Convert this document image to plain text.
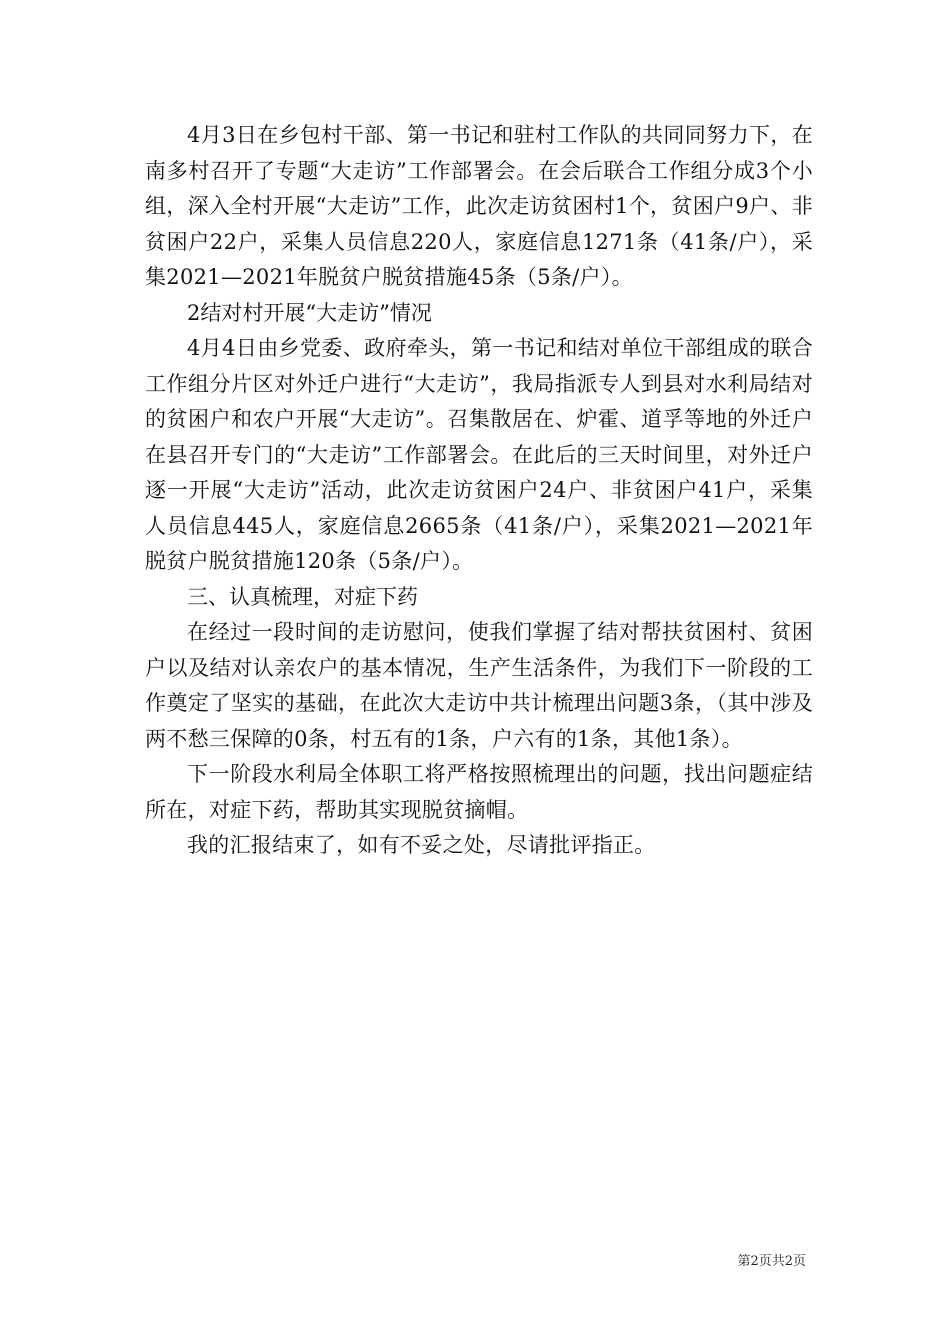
4月3日在乡包村干部、第一书记和驻村工作队的共同同努力下，在南多村召开了专题“大走访”工作部署会。在会后联合工作组分成3个小组，深入全村开展“大走访”工作，此次走访贫困村1个，贫困户9户、非贫困户22户，采集人员信息220人，家庭信息1271条（41条/户），采集2021—2021年脱贫户脱贫措施45条（5条/户）。

2结对村开展“大走访”情况

4月4日由乡党委、政府牵头，第一书记和结对单位干部组成的联合工作组分片区对外迁户进行“大走访”，我局指派专人到县对水利局结对的贫困户和农户开展“大走访”。召集散居在、炉霍、道孚等地的外迁户在县召开专门的“大走访”工作部署会。在此后的三天时间里，对外迁户逐一开展“大走访”活动，此次走访贫困户24户、非贫困户41户，采集人员信息445人，家庭信息2665条（41条/户），采集2021—2021年脱贫户脱贫措施120条（5条/户）。

三、认真梳理，对症下药

在经过一段时间的走访慰问，使我们掌握了结对帮扶贫困村、贫困户以及结对认亲农户的基本情况，生产生活条件，为我们下一阶段的工作奠定了坚实的基础，在此次大走访中共计梳理出问题3条，（其中涉及两不愁三保障的0条，村五有的1条，户六有的1条，其他1条）。

下一阶段水利局全体职工将严格按照梳理出的问题，找出问题症结所在，对症下药，帮助其实现脱贫摘帽。

我的汇报结束了，如有不妥之处，尽请批评指正。

第2页共2页
